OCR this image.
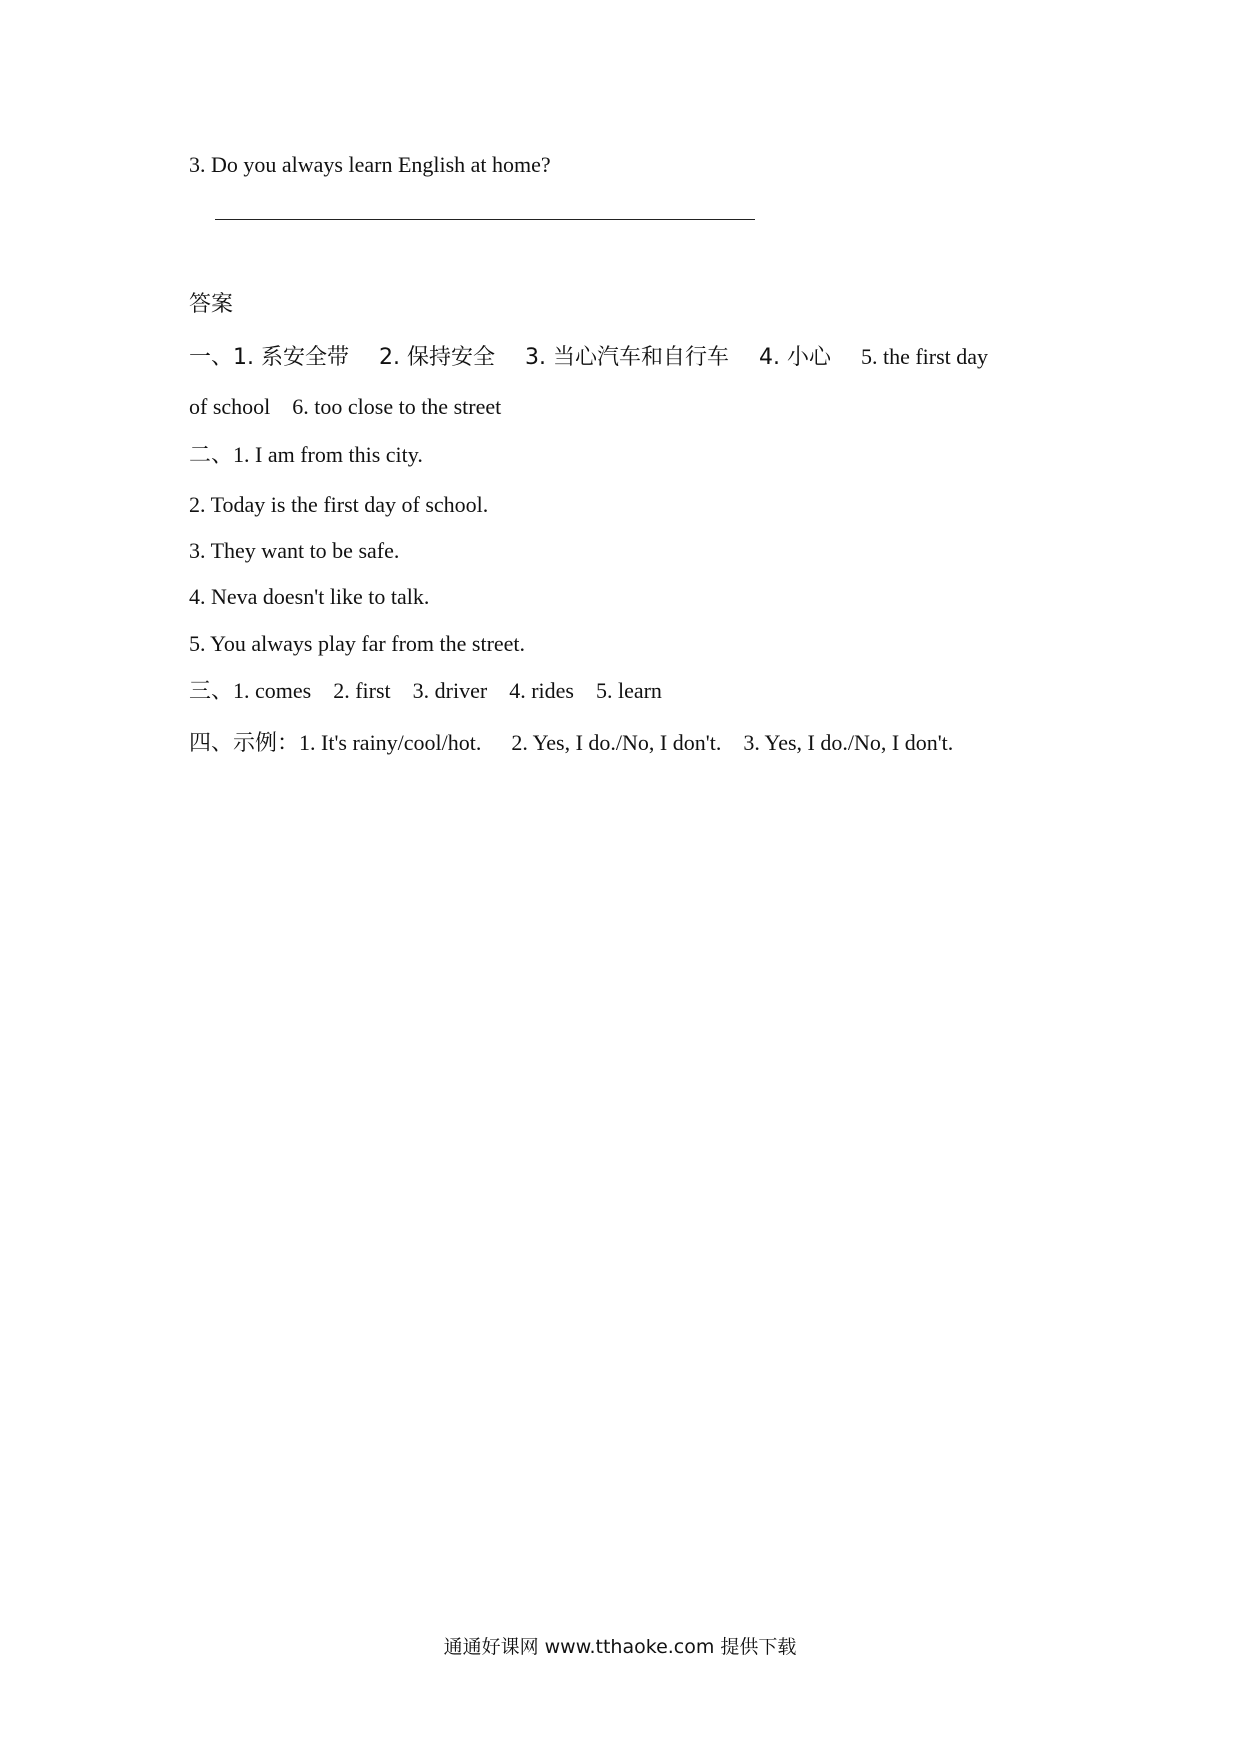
3. Do you always learn English at home?
答案
一、1. 系安全带 2. 保持安全 3. 当心汽车和自行车 4. 小心 5. the first day
of school 6. too close to the street
二、1. I am from this city.
2. Today is the first day of school.
3. They want to be safe.
4. Neva doesn't like to talk.
5. You always play far from the street.
三、1. comes 2. first 3. driver 4. rides 5. learn
四、示例：1. It's rainy/cool/hot. 2. Yes, I do./No, I don't. 3. Yes, I do./No, I don't.
通通好课网 www.tthaoke.com 提供下载
